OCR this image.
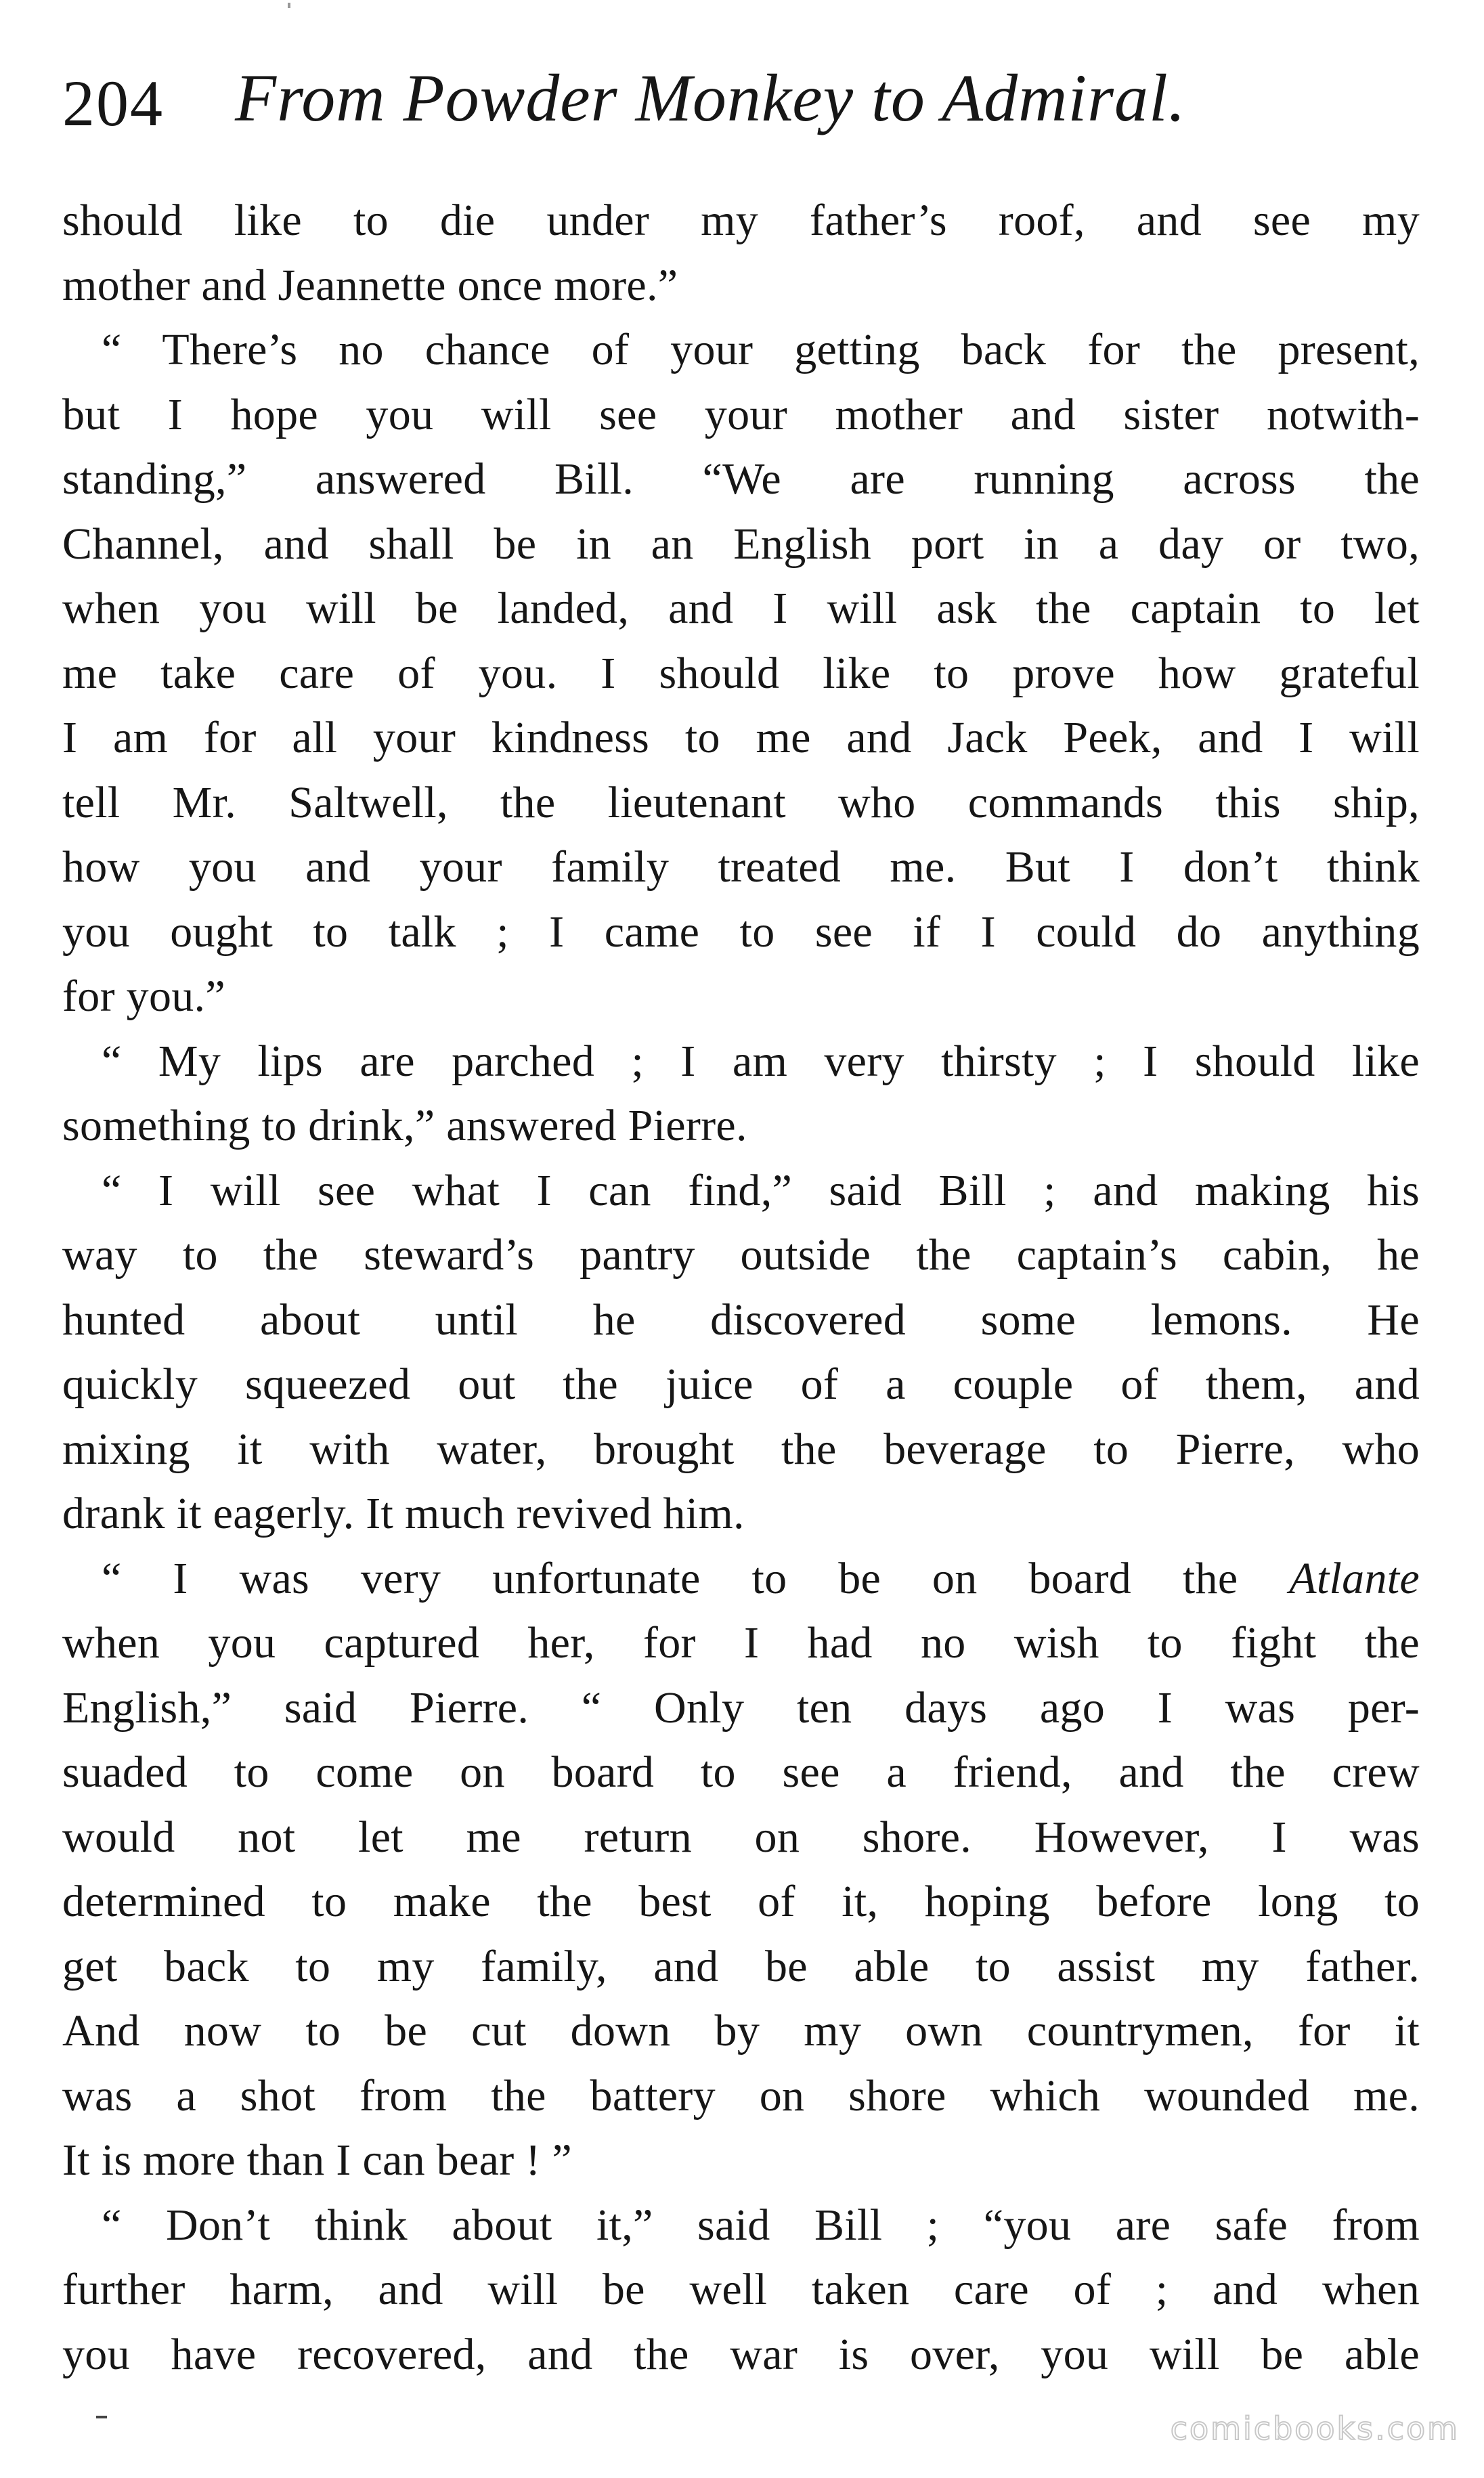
204 From Powder Monkey to Admiral.
should like to die under my father’s roof, and see my
mother and Jeannette once more.”
“ There’s no chance of your getting back for the present,
but I hope you will see your mother and sister notwith-
standing,” answered Bill. “We are running across the
Channel, and shall be in an English port in a day or two,
when you will be landed, and I will ask the captain to let
me take care of you. I should like to prove how grateful
I am for all your kindness to me and Jack Peek, and I will
tell Mr. Saltwell, the lieutenant who commands this ship,
how you and your family treated me. But I don’t think
you ought to talk ; I came to see if I could do anything
for you.”
“ My lips are parched ; I am very thirsty ; I should like
something to drink,” answered Pierre.
“ I will see what I can find,” said Bill ; and making his
way to the steward’s pantry outside the captain’s cabin, he
hunted about until he discovered some lemons. He
quickly squeezed out the juice of a couple of them, and
mixing it with water, brought the beverage to Pierre, who
drank it eagerly. It much revived him.
“ I was very unfortunate to be on board the Atlante
when you captured her, for I had no wish to fight the
English,” said Pierre. “ Only ten days ago I was per-
suaded to come on board to see a friend, and the crew
would not let me return on shore. However, I was
determined to make the best of it, hoping before long to
get back to my family, and be able to assist my father.
And now to be cut down by my own countrymen, for it
was a shot from the battery on shore which wounded me.
It is more than I can bear ! ”
“ Don’t think about it,” said Bill ; “you are safe from
further harm, and will be well taken care of ; and when
you have recovered, and the war is over, you will be able
comicbooks.com
